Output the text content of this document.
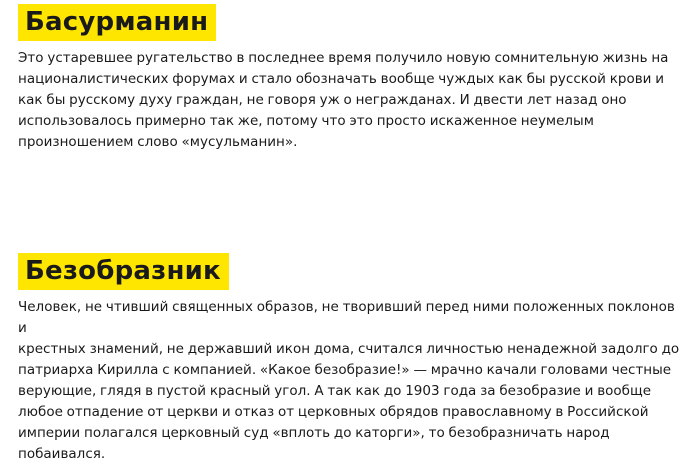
Басурманин
Это устаревшее ругательство в последнее время получило новую сомнительную жизнь на
националистических форумах и стало обозначать вообще чуждых как бы русской крови и
как бы русскому духу граждан, не говоря уж о негражданах. И двести лет назад оно
использовалось примерно так же, потому что это просто искаженное неумелым
произношением слово «мусульманин».
Безобразник
Человек, не чтивший священных образов, не творивший перед ними положенных поклонов и
крестных знамений, не державший икон дома, считался личностью ненадежной задолго до
патриарха Кирилла с компанией. «Какое безобразие!» — мрачно качали головами честные
верующие, глядя в пустой красный угол. А так как до 1903 года за безобразие и вообще
любое отпадение от церкви и отказ от церковных обрядов православному в Российской
империи полагался церковный суд «вплоть до каторги», то безобразничать народ
побаивался.
